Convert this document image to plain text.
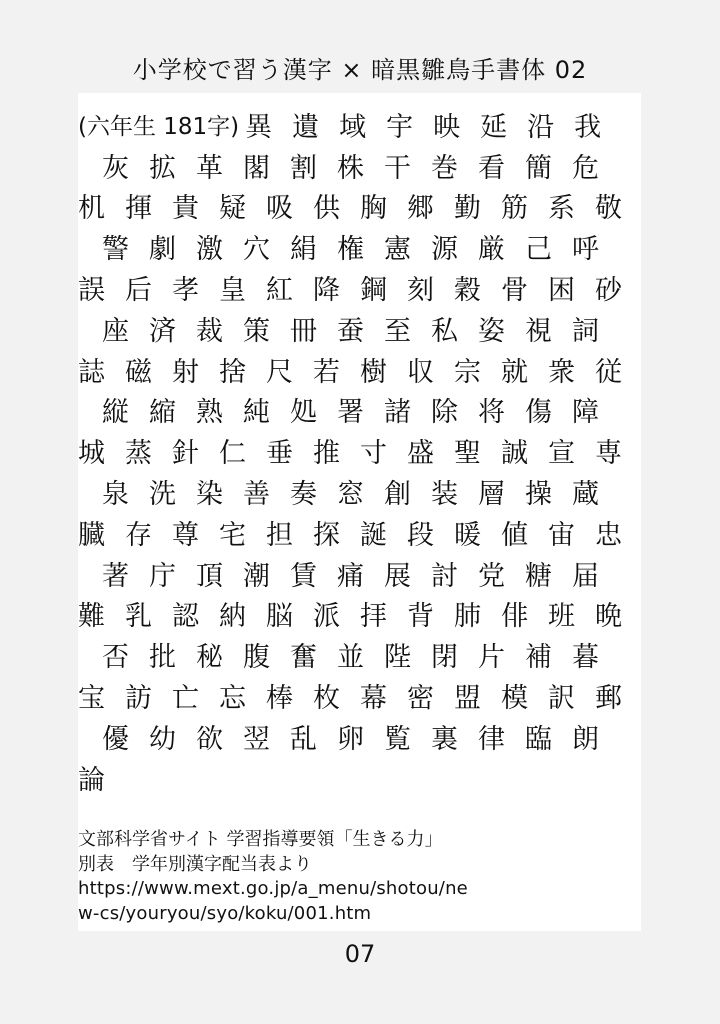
小学校で習う漢字 × 暗黒雛鳥手書体 02
(六年生 181字) 異 遺 域 宇 映 延 沿 我
灰 拡 革 閣 割 株 干 巻 看 簡 危
机 揮 貴 疑 吸 供 胸 郷 勤 筋 系 敬
警 劇 激 穴 絹 権 憲 源 厳 己 呼
誤 后 孝 皇 紅 降 鋼 刻 穀 骨 困 砂
座 済 裁 策 冊 蚕 至 私 姿 視 詞
誌 磁 射 捨 尺 若 樹 収 宗 就 衆 従
縦 縮 熟 純 処 署 諸 除 将 傷 障
城 蒸 針 仁 垂 推 寸 盛 聖 誠 宣 専
泉 洗 染 善 奏 窓 創 装 層 操 蔵
臓 存 尊 宅 担 探 誕 段 暖 値 宙 忠
著 庁 頂 潮 賃 痛 展 討 党 糖 届
難 乳 認 納 脳 派 拝 背 肺 俳 班 晩
否 批 秘 腹 奮 並 陛 閉 片 補 暮
宝 訪 亡 忘 棒 枚 幕 密 盟 模 訳 郵
優 幼 欲 翌 乱 卵 覧 裏 律 臨 朗
論
文部科学省サイト 学習指導要領「生きる力」
別表　学年別漢字配当表より
https://www.mext.go.jp/a_menu/shotou/ne
w-cs/youryou/syo/koku/001.htm
07
